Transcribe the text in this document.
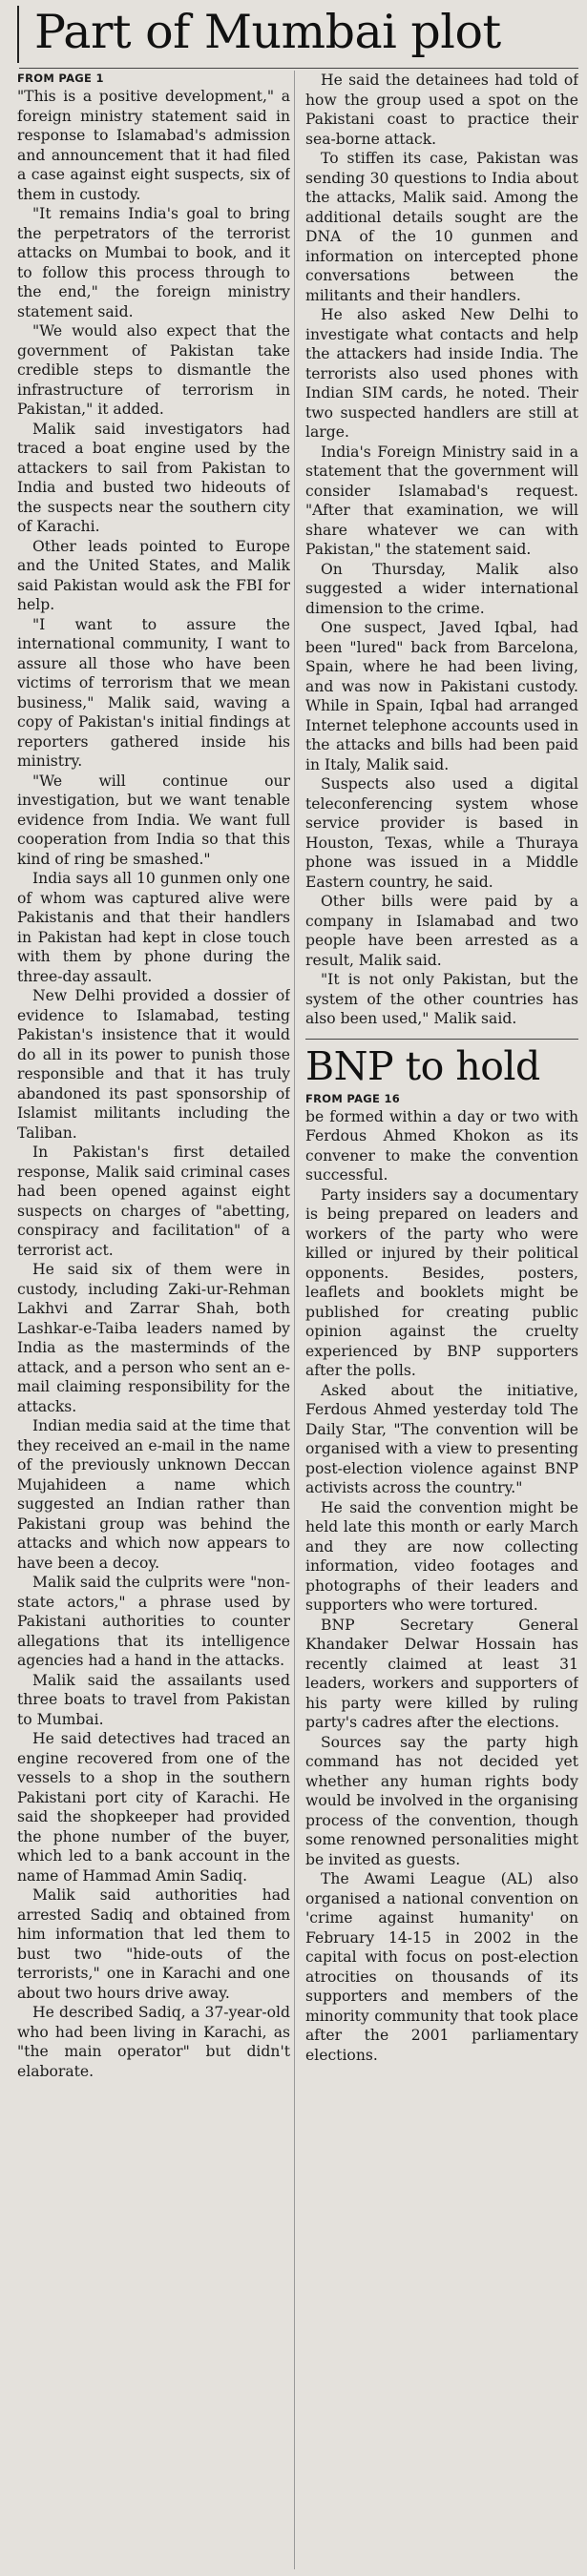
Part of Mumbai plot
FROM PAGE 1

"This is a positive development," a foreign ministry statement said in response to Islamabad's admission and announcement that it had filed a case against eight suspects, six of them in custody.

"It remains India's goal to bring the perpetrators of the terrorist attacks on Mumbai to book, and it to follow this process through to the end," the foreign ministry statement said.

"We would also expect that the government of Pakistan take credible steps to dismantle the infrastructure of terrorism in Pakistan," it added.

Malik said investigators had traced a boat engine used by the attackers to sail from Pakistan to India and busted two hideouts of the suspects near the southern city of Karachi.

Other leads pointed to Europe and the United States, and Malik said Pakistan would ask the FBI for help.

"I want to assure the international community, I want to assure all those who have been victims of terrorism that we mean business," Malik said, waving a copy of Pakistan's initial findings at reporters gathered inside his ministry.

"We will continue our investigation, but we want tenable evidence from India. We want full cooperation from India so that this kind of ring be smashed."

India says all 10 gunmen only one of whom was captured alive were Pakistanis and that their handlers in Pakistan had kept in close touch with them by phone during the three-day assault.

New Delhi provided a dossier of evidence to Islamabad, testing Pakistan's insistence that it would do all in its power to punish those responsible and that it has truly abandoned its past sponsorship of Islamist militants including the Taliban.

In Pakistan's first detailed response, Malik said criminal cases had been opened against eight suspects on charges of "abetting, conspiracy and facilitation" of a terrorist act.

He said six of them were in custody, including Zaki-ur-Rehman Lakhvi and Zarrar Shah, both Lashkar-e-Taiba leaders named by India as the masterminds of the attack, and a person who sent an e-mail claiming responsibility for the attacks.

Indian media said at the time that they received an e-mail in the name of the previously unknown Deccan Mujahideen a name which suggested an Indian rather than Pakistani group was behind the attacks and which now appears to have been a decoy.

Malik said the culprits were "non-state actors," a phrase used by Pakistani authorities to counter allegations that its intelligence agencies had a hand in the attacks.

Malik said the assailants used three boats to travel from Pakistan to Mumbai.

He said detectives had traced an engine recovered from one of the vessels to a shop in the southern Pakistani port city of Karachi. He said the shopkeeper had provided the phone number of the buyer, which led to a bank account in the name of Hammad Amin Sadiq.

Malik said authorities had arrested Sadiq and obtained from him information that led them to bust two "hide-outs of the terrorists," one in Karachi and one about two hours drive away.

He described Sadiq, a 37-year-old who had been living in Karachi, as "the main operator" but didn't elaborate.

He said the detainees had told of how the group used a spot on the Pakistani coast to practice their sea-borne attack.

To stiffen its case, Pakistan was sending 30 questions to India about the attacks, Malik said. Among the additional details sought are the DNA of the 10 gunmen and information on intercepted phone conversations between the militants and their handlers.

He also asked New Delhi to investigate what contacts and help the attackers had inside India. The terrorists also used phones with Indian SIM cards, he noted. Their two suspected handlers are still at large.

India's Foreign Ministry said in a statement that the government will consider Islamabad's request. "After that examination, we will share whatever we can with Pakistan," the statement said.

On Thursday, Malik also suggested a wider international dimension to the crime.

One suspect, Javed Iqbal, had been "lured" back from Barcelona, Spain, where he had been living, and was now in Pakistani custody. While in Spain, Iqbal had arranged Internet telephone accounts used in the attacks and bills had been paid in Italy, Malik said.

Suspects also used a digital teleconferencing system whose service provider is based in Houston, Texas, while a Thuraya phone was issued in a Middle Eastern country, he said.

Other bills were paid by a company in Islamabad and two people have been arrested as a result, Malik said.

"It is not only Pakistan, but the system of the other countries has also been used," Malik said.

BNP to hold
FROM PAGE 16

be formed within a day or two with Ferdous Ahmed Khokon as its convener to make the convention successful.

Party insiders say a documentary is being prepared on leaders and workers of the party who were killed or injured by their political opponents. Besides, posters, leaflets and booklets might be published for creating public opinion against the cruelty experienced by BNP supporters after the polls.

Asked about the initiative, Ferdous Ahmed yesterday told The Daily Star, "The convention will be organised with a view to presenting post-election violence against BNP activists across the country."

He said the convention might be held late this month or early March and they are now collecting information, video footages and photographs of their leaders and supporters who were tortured.

BNP Secretary General Khandaker Delwar Hossain has recently claimed at least 31 leaders, workers and supporters of his party were killed by ruling party's cadres after the elections.

Sources say the party high command has not decided yet whether any human rights body would be involved in the organising process of the convention, though some renowned personalities might be invited as guests.

The Awami League (AL) also organised a national convention on 'crime against humanity' on February 14-15 in 2002 in the capital with focus on post-election atrocities on thousands of its supporters and members of the minority community that took place after the 2001 parliamentary elections.
